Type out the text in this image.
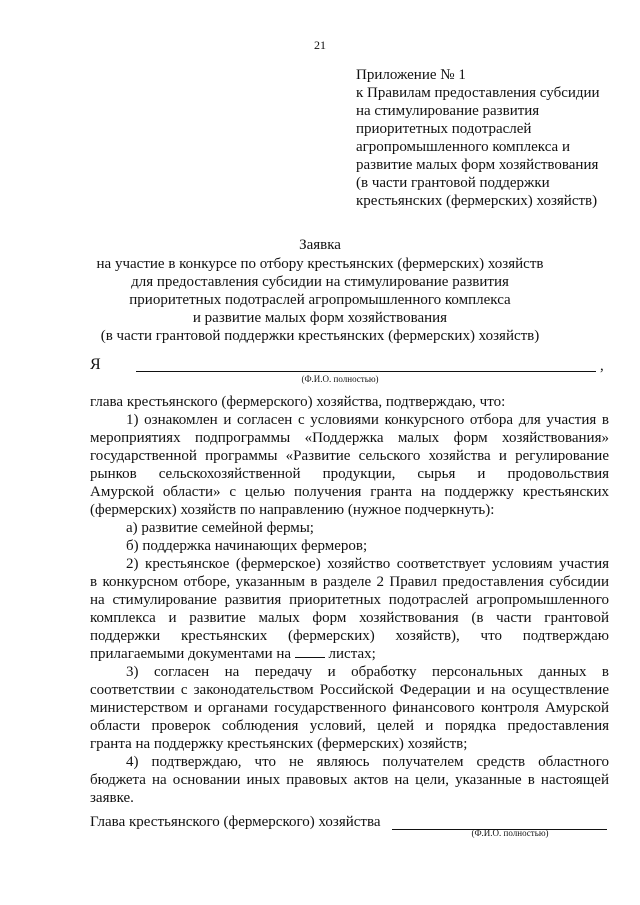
21
Приложение № 1
к Правилам предоставления субсидии
на стимулирование развития
приоритетных подотраслей
агропромышленного комплекса и
развитие малых форм хозяйствования
(в части грантовой поддержки
крестьянских (фермерских) хозяйств)
Заявка
на участие в конкурсе по отбору крестьянских (фермерских) хозяйств
для предоставления субсидии на стимулирование развития
приоритетных подотраслей агропромышленного комплекса
и развитие малых форм хозяйствования
(в части грантовой поддержки крестьянских (фермерских) хозяйств)
Я	,
(Ф.И.О. полностью)
глава крестьянского (фермерского) хозяйства, подтверждаю, что:
1) ознакомлен и согласен с условиями конкурсного отбора для участия в
мероприятиях подпрограммы «Поддержка малых форм хозяйствования»
государственной программы «Развитие сельского хозяйства и регулирование
рынков сельскохозяйственной продукции, сырья и продовольствия
Амурской области» с целью получения гранта на поддержку крестьянских
(фермерских) хозяйств по направлению (нужное подчеркнуть):
а) развитие семейной фермы;
б) поддержка начинающих фермеров;
2) крестьянское (фермерское) хозяйство соответствует условиям участия
в конкурсном отборе, указанным в разделе 2 Правил предоставления субсидии
на стимулирование развития приоритетных подотраслей агропромышленного
комплекса и развитие малых форм хозяйствования (в части грантовой
поддержки крестьянских (фермерских) хозяйств), что подтверждаю
прилагаемыми документами на	листах;
3) согласен на передачу и обработку персональных данных в
соответствии с законодательством Российской Федерации и на осуществление
министерством и органами государственного финансового контроля Амурской
области проверок соблюдения условий, целей и порядка предоставления
гранта на поддержку крестьянских (фермерских) хозяйств;
4) подтверждаю, что не являюсь получателем средств областного
бюджета на основании иных правовых актов на цели, указанные в настоящей
заявке.
Глава крестьянского (фермерского) хозяйства
(Ф.И.О. полностью)
